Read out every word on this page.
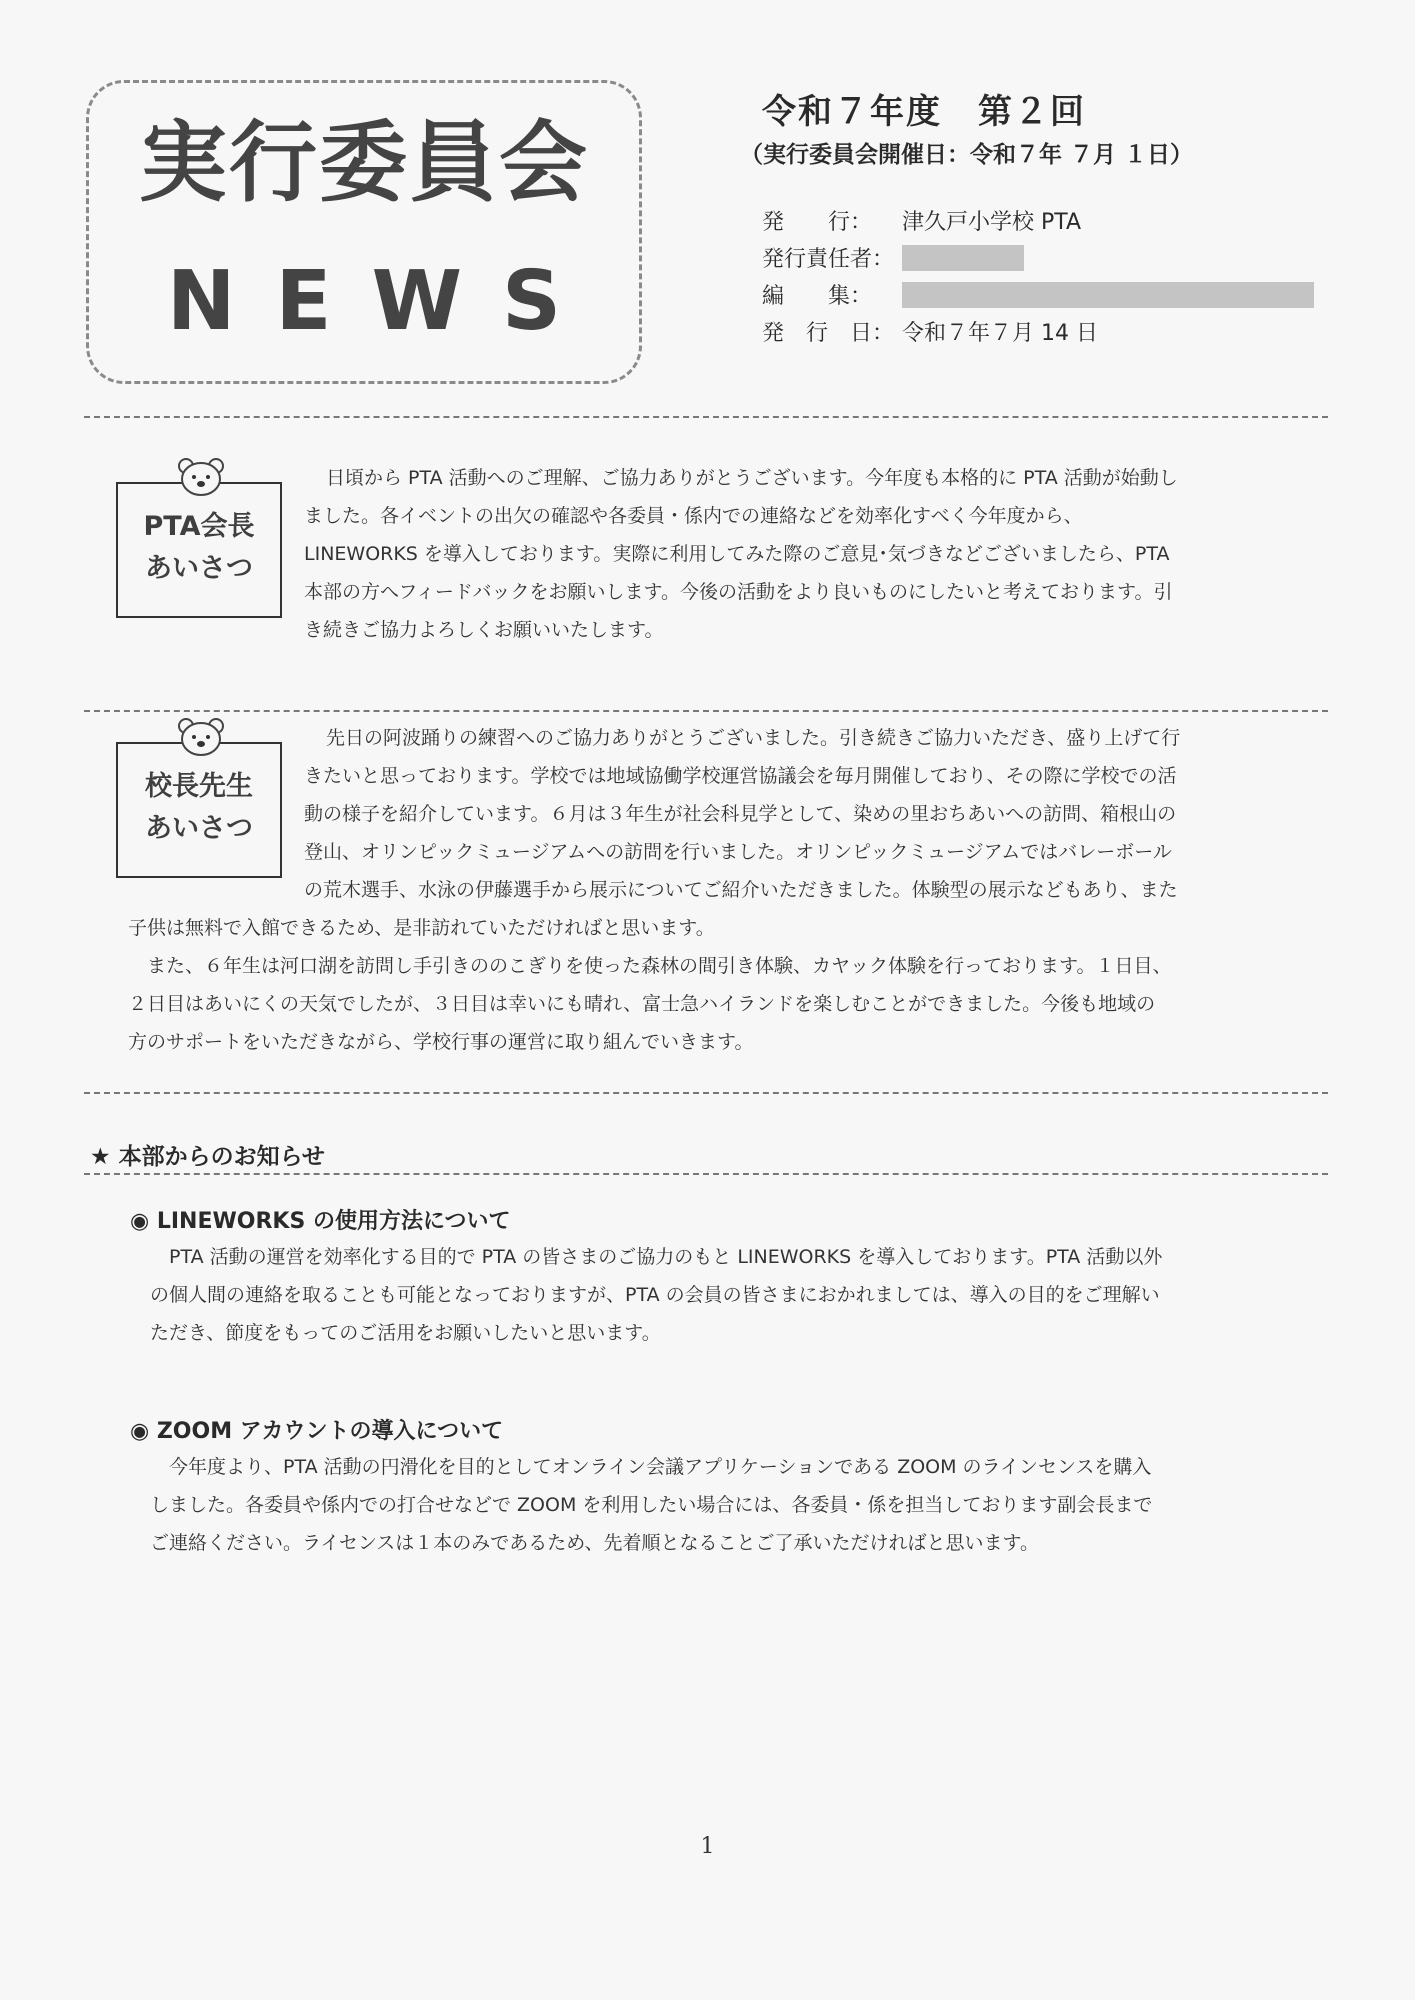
実行委員会
NEWS
令和７年度　第２回
（実行委員会開催日：令和７年 ７月 １日）
発　　行：	津久戸小学校 PTA
発行責任者：
編　　集：
発　行　日： 令和７年７月 14 日
PTA会長
あいさつ

日頃から PTA 活動へのご理解、ご協力ありがとうございます。今年度も本格的に PTA 活動が始動し

ました。各イベントの出欠の確認や各委員・係内での連絡などを効率化すべく今年度から、

LINEWORKS を導入しております。実際に利用してみた際のご意見･気づきなどございましたら、PTA

本部の方へフィードバックをお願いします。今後の活動をより良いものにしたいと考えております。引

き続きご協力よろしくお願いいたします。

校長先生
あいさつ

先日の阿波踊りの練習へのご協力ありがとうございました。引き続きご協力いただき、盛り上げて行

きたいと思っております。学校では地域協働学校運営協議会を毎月開催しており、その際に学校での活

動の様子を紹介しています。６月は３年生が社会科見学として、染めの里おちあいへの訪問、箱根山の

登山、オリンピックミュージアムへの訪問を行いました。オリンピックミュージアムではバレーボール

の荒木選手、水泳の伊藤選手から展示についてご紹介いただきました。体験型の展示などもあり、また

子供は無料で入館できるため、是非訪れていただければと思います。

　また、６年生は河口湖を訪問し手引きののこぎりを使った森林の間引き体験、カヤック体験を行っております。１日目、

２日目はあいにくの天気でしたが、３日目は幸いにも晴れ、富士急ハイランドを楽しむことができました。今後も地域の

方のサポートをいただきながら、学校行事の運営に取り組んでいきます。

★ 本部からのお知らせ
◉ LINEWORKS の使用方法について

　PTA 活動の運営を効率化する目的で PTA の皆さまのご協力のもと LINEWORKS を導入しております。PTA 活動以外

の個人間の連絡を取ることも可能となっておりますが、PTA の会員の皆さまにおかれましては、導入の目的をご理解い

ただき、節度をもってのご活用をお願いしたいと思います。

◉ ZOOM アカウントの導入について

　今年度より、PTA 活動の円滑化を目的としてオンライン会議アプリケーションである ZOOM のラインセンスを購入

しました。各委員や係内での打合せなどで ZOOM を利用したい場合には、各委員・係を担当しております副会長まで

ご連絡ください。ライセンスは１本のみであるため、先着順となることご了承いただければと思います。

1
